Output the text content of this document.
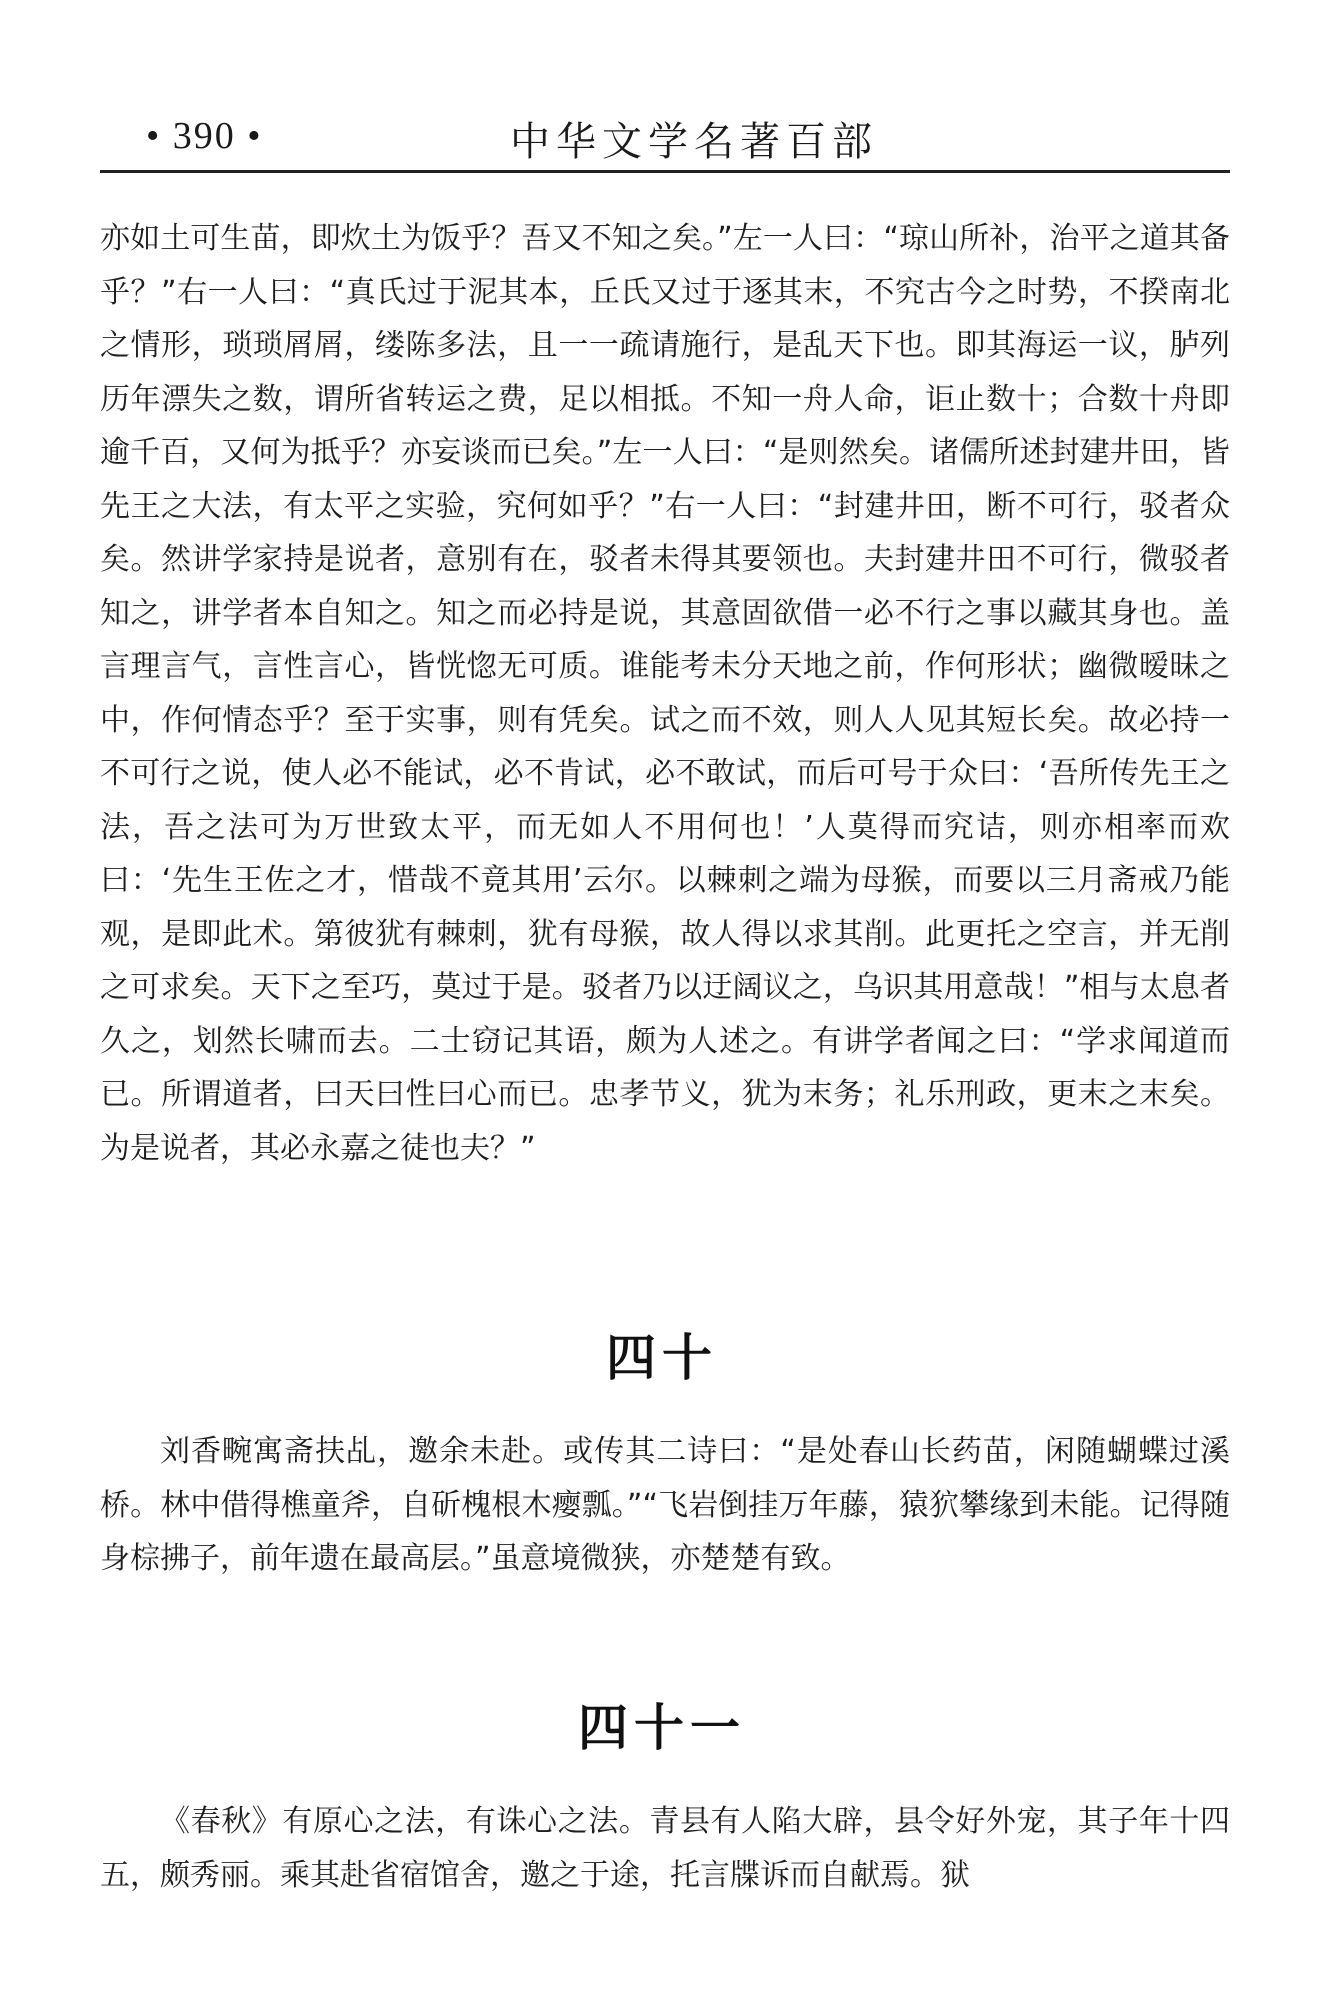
• 390 •	中华文学名著百部
亦如土可生苗，即炊土为饭乎？吾又不知之矣。”左一人曰：“琼山所补，治平之道其备乎？”右一人曰：“真氏过于泥其本，丘氏又过于逐其末，不究古今之时势，不揆南北之情形，琐琐屑屑，缕陈多法，且一一疏请施行，是乱天下也。即其海运一议，胪列历年漂失之数，谓所省转运之费，足以相抵。不知一舟人命，讵止数十；合数十舟即逾千百，又何为抵乎？亦妄谈而已矣。”左一人曰：“是则然矣。诸儒所述封建井田，皆先王之大法，有太平之实验，究何如乎？”右一人曰：“封建井田，断不可行，驳者众矣。然讲学家持是说者，意别有在，驳者未得其要领也。夫封建井田不可行，微驳者知之，讲学者本自知之。知之而必持是说，其意固欲借一必不行之事以藏其身也。盖言理言气，言性言心，皆恍惚无可质。谁能考未分天地之前，作何形状；幽微暧昧之中，作何情态乎？至于实事，则有凭矣。试之而不效，则人人见其短长矣。故必持一不可行之说，使人必不能试，必不肯试，必不敢试，而后可号于众曰：‘吾所传先王之法，吾之法可为万世致太平，而无如人不用何也！’人莫得而究诘，则亦相率而欢曰：‘先生王佐之才，惜哉不竟其用’云尔。以棘刺之端为母猴，而要以三月斋戒乃能观，是即此术。第彼犹有棘刺，犹有母猴，故人得以求其削。此更托之空言，并无削之可求矣。天下之至巧，莫过于是。驳者乃以迂阔议之，乌识其用意哉！”相与太息者久之，划然长啸而去。二士窃记其语，颇为人述之。有讲学者闻之曰：“学求闻道而已。所谓道者，曰天曰性曰心而已。忠孝节义，犹为末务；礼乐刑政，更末之末矣。为是说者，其必永嘉之徒也夫？”
四十
刘香畹寓斋扶乩，邀余未赴。或传其二诗曰：“是处春山长药苗，闲随蝴蝶过溪桥。林中借得樵童斧，自斫槐根木瘿瓢。”“飞岩倒挂万年藤，猿狖攀缘到未能。记得随身棕拂子，前年遗在最高层。”虽意境微狭，亦楚楚有致。
四十一
《春秋》有原心之法，有诛心之法。青县有人陷大辟，县令好外宠，其子年十四五，颇秀丽。乘其赴省宿馆舍，邀之于途，托言牒诉而自献焉。狱
